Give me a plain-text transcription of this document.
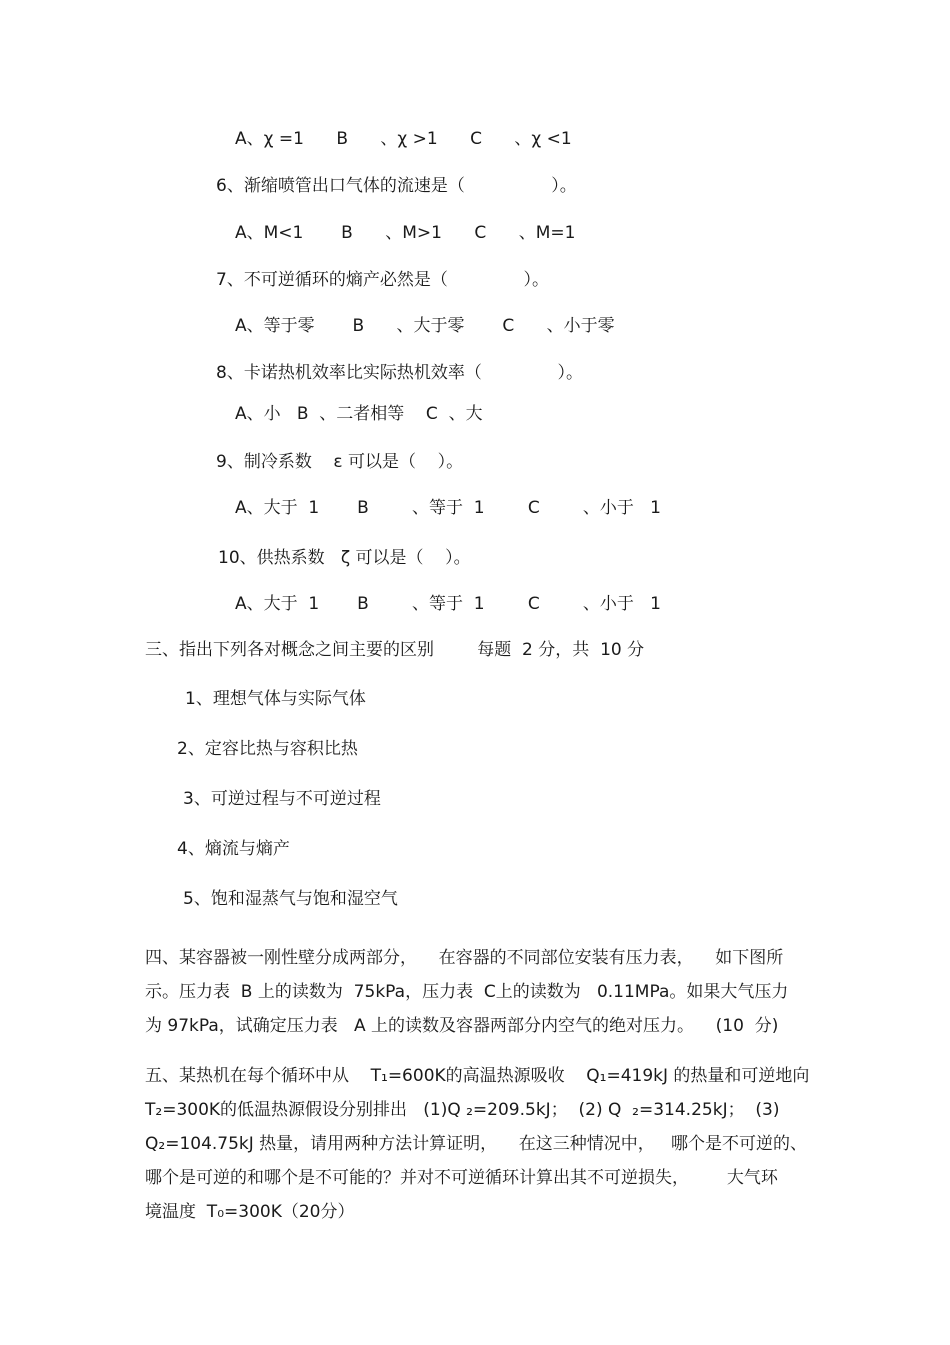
A、χ =1      B      、χ >1      C      、χ <1
6、渐缩喷管出口气体的流速是（                ）。
A、M<1       B      、M>1      C      、M=1
7、不可逆循环的熵产必然是（              ）。
A、等于零       B      、大于零       C      、小于零
8、卡诺热机效率比实际热机效率（              ）。
A、小   B  、二者相等    C  、大
9、制冷系数    ε 可以是（    ）。
A、大于  1       B        、等于  1        C        、小于   1
10、供热系数   ζ 可以是（    ）。
A、大于  1       B        、等于  1        C        、小于   1
三、指出下列各对概念之间主要的区别        每题  2 分，共  10 分
1、理想气体与实际气体
2、定容比热与容积比热
3、可逆过程与不可逆过程
4、熵流与熵产
5、饱和湿蒸气与饱和湿空气

四、某容器被一刚性壁分成两部分，    在容器的不同部位安装有压力表，    如下图所

示。压力表  B 上的读数为  75kPa，压力表  C上的读数为   0.11MPa。如果大气压力

为 97kPa，试确定压力表   A 上的读数及容器两部分内空气的绝对压力。    (10  分)

五、某热机在每个循环中从    T₁=600K的高温热源吸收    Q₁=419kJ 的热量和可逆地向

T₂=300K的低温热源假设分别排出   (1)Q ₂=209.5kJ；  (2) Q  ₂=314.25kJ；  (3)

Q₂=104.75kJ 热量，请用两种方法计算证明，    在这三种情况中，   哪个是不可逆的、

哪个是可逆的和哪个是不可能的？并对不可逆循环计算出其不可逆损失，       大气环

境温度  T₀=300K（20分）
